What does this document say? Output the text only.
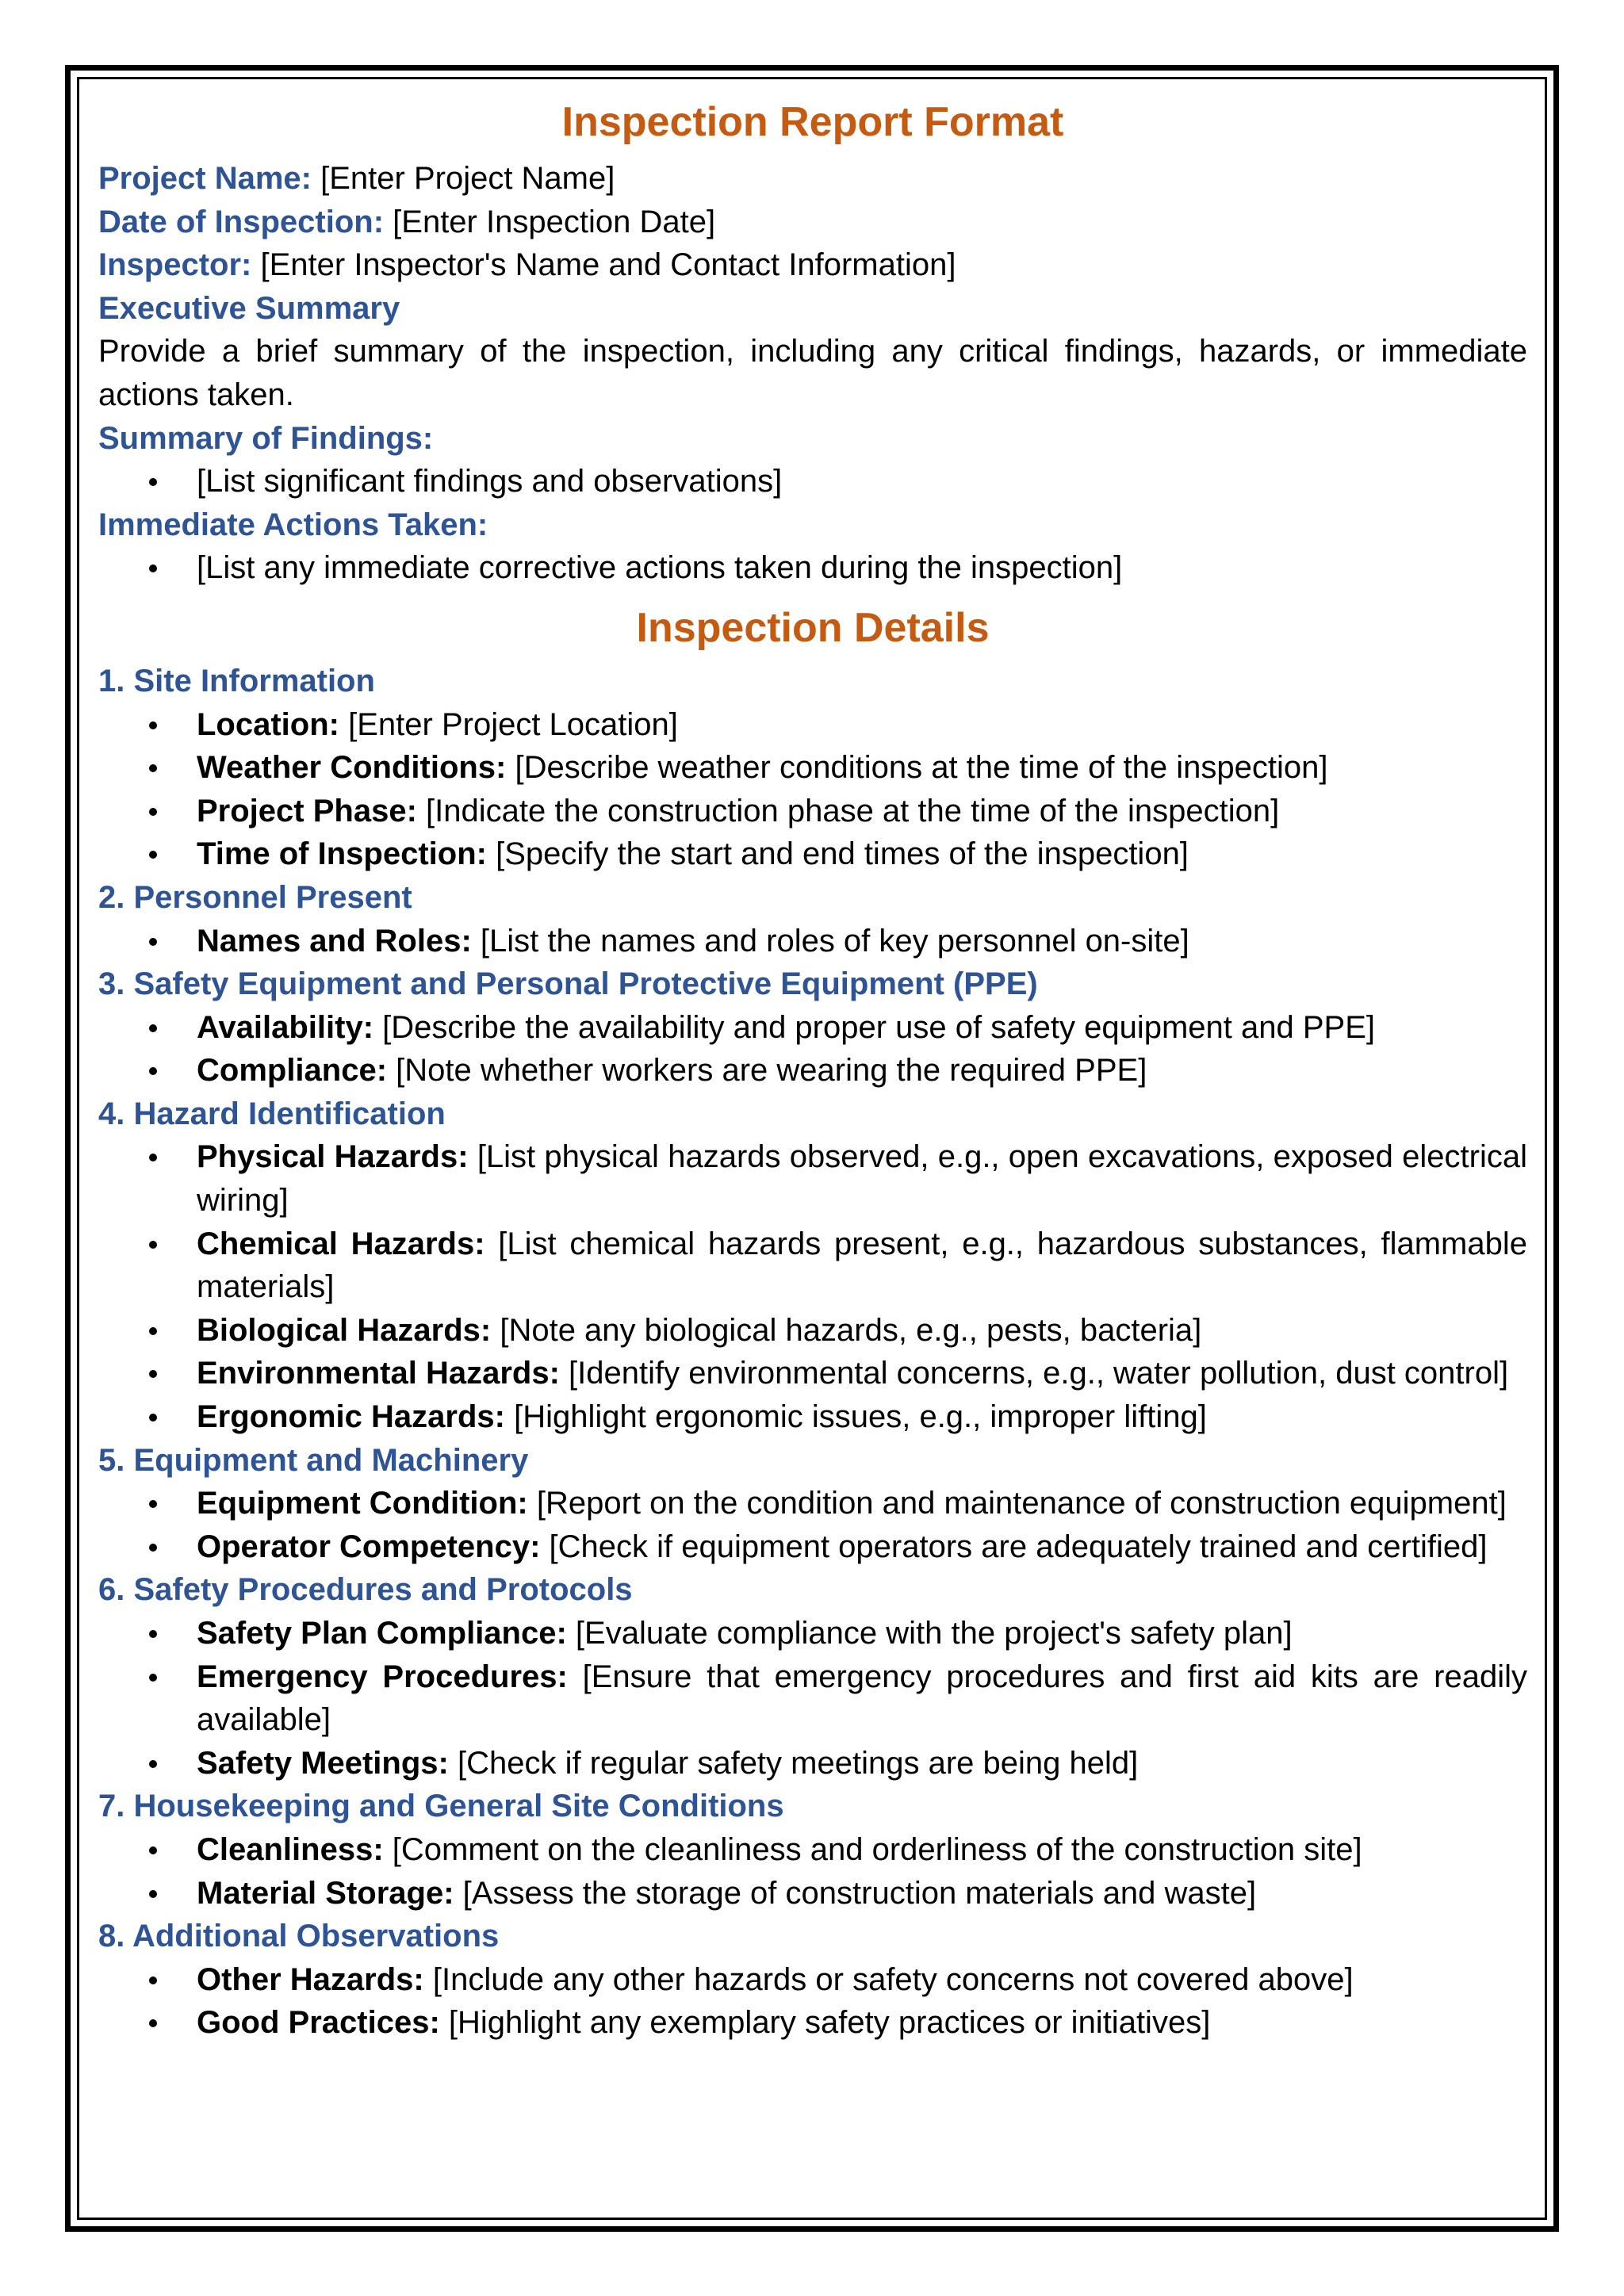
Inspection Report Format

Project Name: [Enter Project Name]

Date of Inspection: [Enter Inspection Date]

Inspector: [Enter Inspector's Name and Contact Information]

Executive Summary

Provide a brief summary of the inspection, including any critical findings, hazards, or immediate actions taken.

Summary of Findings:

[List significant findings and observations]

Immediate Actions Taken:

[List any immediate corrective actions taken during the inspection]
Inspection Details

1. Site Information

Location: [Enter Project Location]
Weather Conditions: [Describe weather conditions at the time of the inspection]
Project Phase: [Indicate the construction phase at the time of the inspection]
Time of Inspection: [Specify the start and end times of the inspection]

2. Personnel Present

Names and Roles: [List the names and roles of key personnel on-site]

3. Safety Equipment and Personal Protective Equipment (PPE)

Availability: [Describe the availability and proper use of safety equipment and PPE]
Compliance: [Note whether workers are wearing the required PPE]

4. Hazard Identification

Physical Hazards: [List physical hazards observed, e.g., open excavations, exposed electrical wiring]
Chemical Hazards: [List chemical hazards present, e.g., hazardous substances, flammable materials]
Biological Hazards: [Note any biological hazards, e.g., pests, bacteria]
Environmental Hazards: [Identify environmental concerns, e.g., water pollution, dust control]
Ergonomic Hazards: [Highlight ergonomic issues, e.g., improper lifting]

5. Equipment and Machinery

Equipment Condition: [Report on the condition and maintenance of construction equipment]
Operator Competency: [Check if equipment operators are adequately trained and certified]

6. Safety Procedures and Protocols

Safety Plan Compliance: [Evaluate compliance with the project's safety plan]
Emergency Procedures: [Ensure that emergency procedures and first aid kits are readily available]
Safety Meetings: [Check if regular safety meetings are being held]

7. Housekeeping and General Site Conditions

Cleanliness: [Comment on the cleanliness and orderliness of the construction site]
Material Storage: [Assess the storage of construction materials and waste]

8. Additional Observations

Other Hazards: [Include any other hazards or safety concerns not covered above]
Good Practices: [Highlight any exemplary safety practices or initiatives]
